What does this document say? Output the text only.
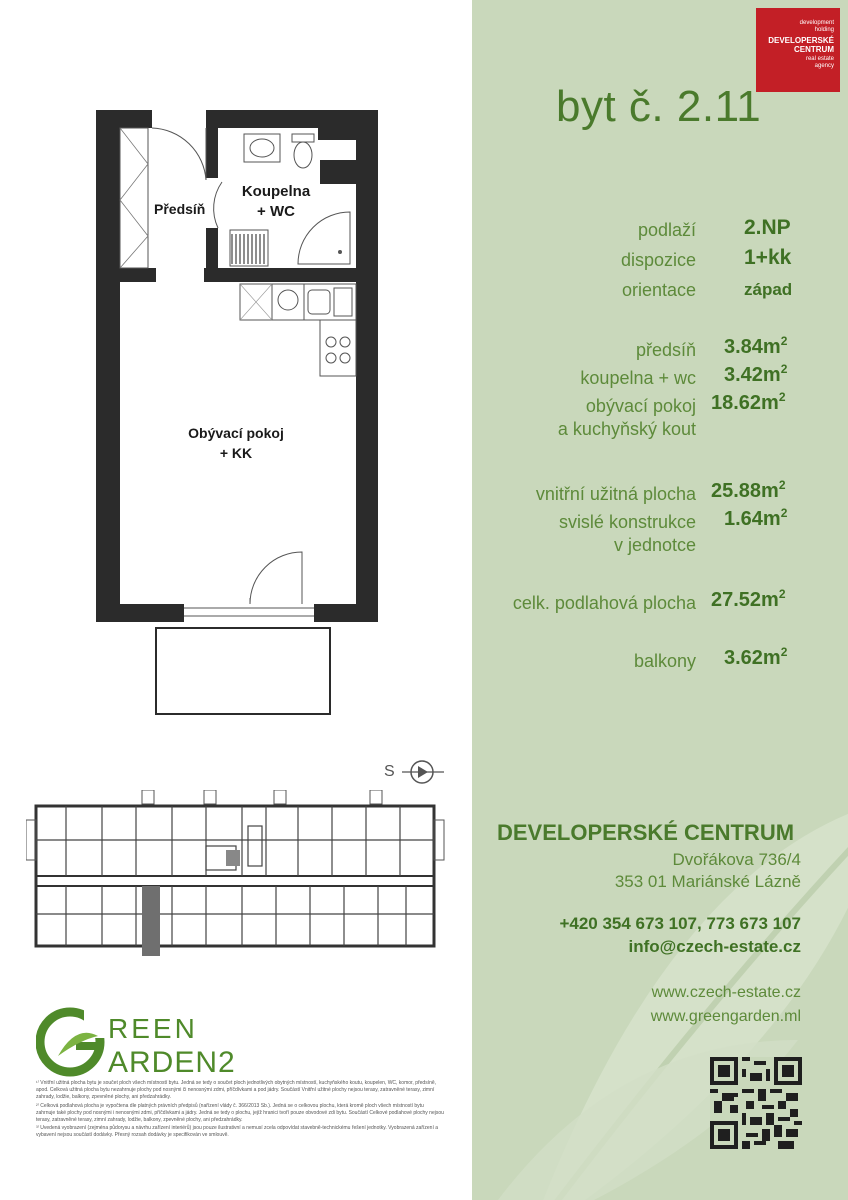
Předsíň
Koupelna
+ WC
Obývací pokoj
+ KK
S
REEN
ARDEN2

¹⁾ Vnitřní užitná plocha bytu je součet ploch všech místností bytu. Jedná se tedy o součet ploch jednotlivých obytných místností, kuchyňského koutu, koupelen, WC, komor, předsíně, apod. Celková užitná plocha bytu nezahrnuje plochy pod nosnými či nenosnými zdmi, příčdívkami a pod jádry. Součástí Vnitřní užitné plochy nejsou terasy, zatravněné terasy, zimní zahrady, lodžie, balkony, zpevněné plochy, ani předzahrádky.

²⁾ Celková podlahová plocha je vypočtena dle platných právních předpisů (nařízení vlády č. 366/2013 Sb.). Jedná se o celkovou plochu, která kromě ploch všech místností bytu zahrnuje také plochy pod nosnými i nenosnými zdmi, příčdívkami a jádry. Jedná se tedy o plochu, jejíž hranici tvoří pouze obvodové zdi bytu. Součástí Celkové podlahové plochy nejsou terasy, zatravněné terasy, zimní zahrady, lodžie, balkony, zpevněné plochy, ani předzahrádky.

³⁾ Uvedená vyobrazení (zejména půdorysu a návrhu zařízení interiérů) jsou pouze ilustrativní a nemusí zcela odpovídat stavebně-technickému řešení jednotky. Vyobrazená zařízení a vybavení nejsou součástí dodávky. Přesný rozsah dodávky je specifikován ve smlouvě.

development
holding
DEVELOPERSKÉ
CENTRUM
real estate
agency
byt č. 2.11
podlaží 2.NP
dispozice 1+kk
orientace	západ
předsíň $3.84m^2$
koupelna + wc $3.42m^2$
obývací pokoj
a kuchyňský kout
$18.62m^2$
vnitřní užitná plocha $25.88m^2$
svislé konstrukce
v jednotce
$1.64m^2$
celk. podlahová plocha $27.52m^2$
balkony $3.62m^2$
DEVELOPERSKÉ CENTRUM
Dvořákova 736/4
353 01 Mariánské Lázně
+420 354 673 107, 773 673 107
info@czech-estate.cz
www.czech-estate.cz
www.greengarden.ml
